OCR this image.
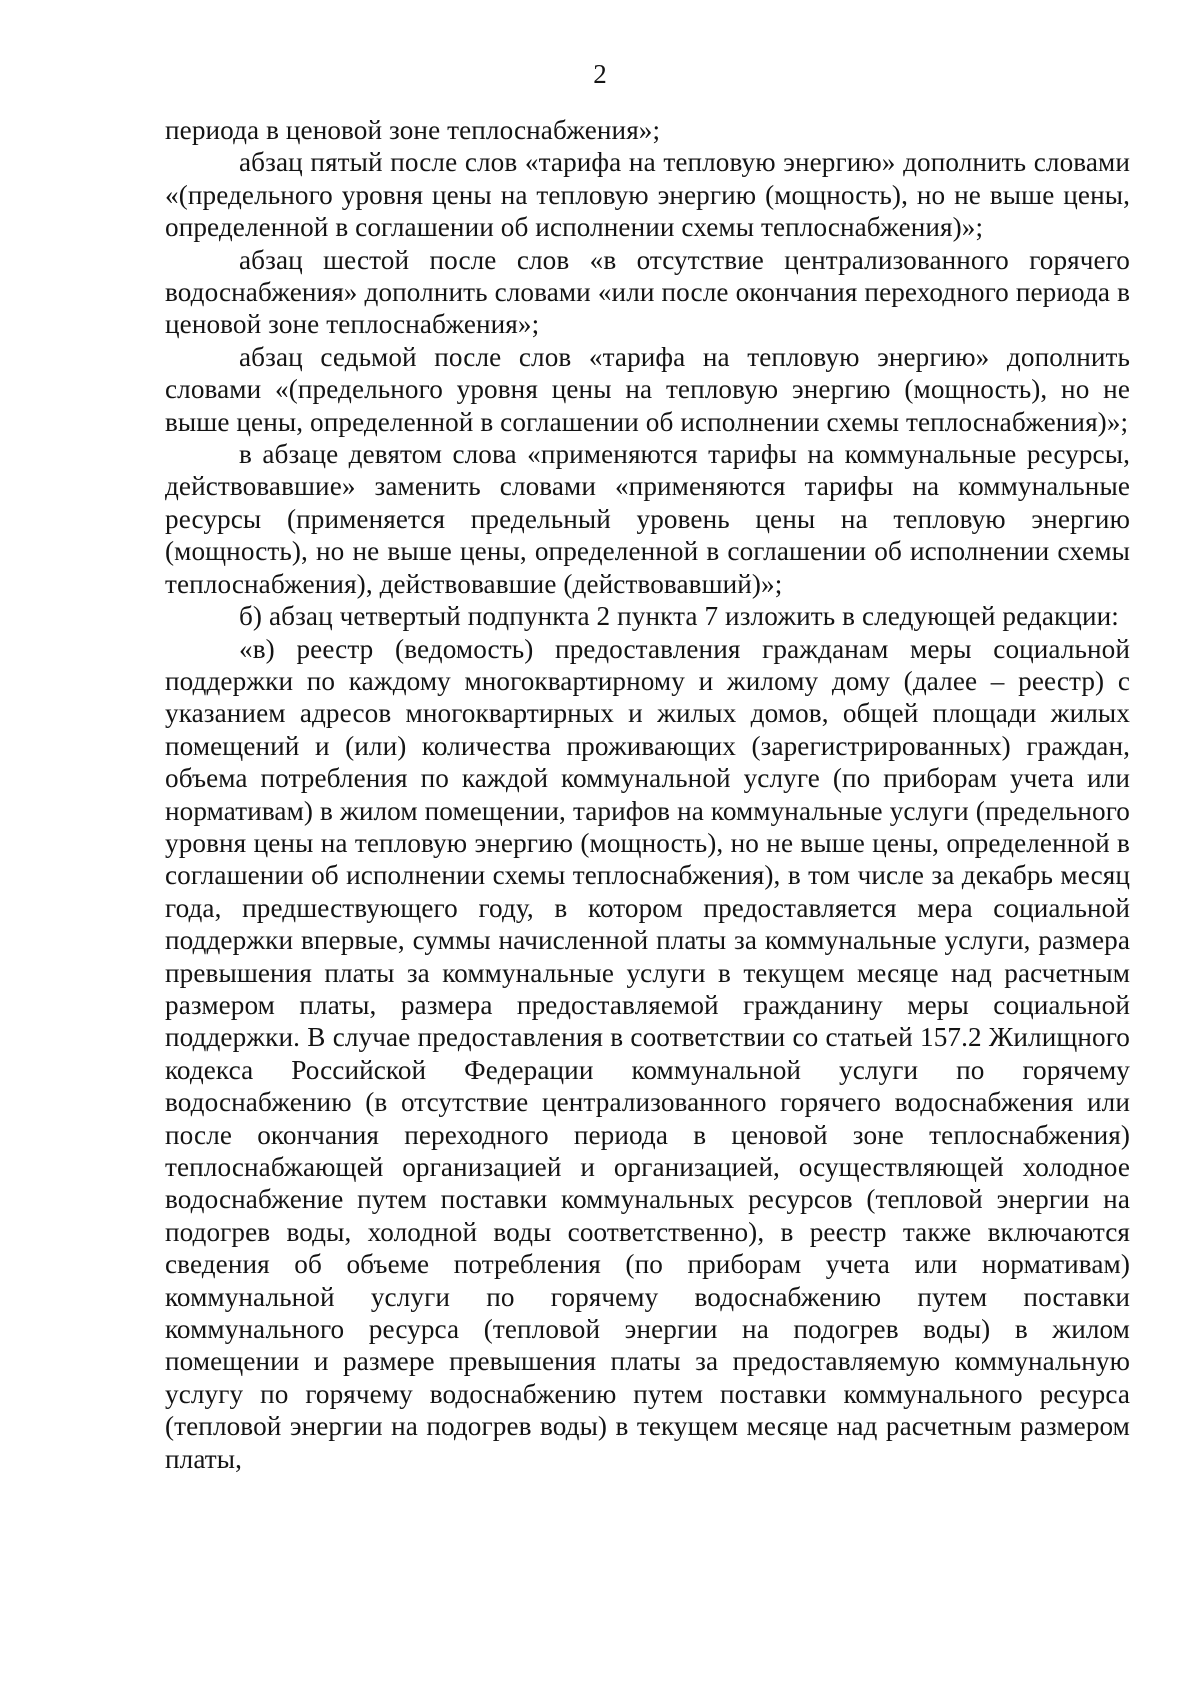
2

периода в ценовой зоне теплоснабжения»;

абзац пятый после слов «тарифа на тепловую энергию» дополнить словами «(предельного уровня цены на тепловую энергию (мощность), но не выше цены, определенной в соглашении об исполнении схемы теплоснабжения)»;

абзац шестой после слов «в отсутствие централизованного горячего водоснабжения» дополнить словами «или после окончания переходного периода в ценовой зоне теплоснабжения»;

абзац седьмой после слов «тарифа на тепловую энергию» дополнить словами «(предельного уровня цены на тепловую энергию (мощность), но не выше цены, определенной в соглашении об исполнении схемы теплоснабжения)»;

в абзаце девятом слова «применяются тарифы на коммунальные ресурсы, действовавшие» заменить словами «применяются тарифы на коммунальные ресурсы (применяется предельный уровень цены на тепловую энергию (мощность), но не выше цены, определенной в соглашении об исполнении схемы теплоснабжения), действовавшие (действовавший)»;

б) абзац четвертый подпункта 2 пункта 7 изложить в следующей редакции:

«в) реестр (ведомость) предоставления гражданам меры социальной поддержки по каждому многоквартирному и жилому дому (далее – реестр) с указанием адресов многоквартирных и жилых домов, общей площади жилых помещений и (или) количества проживающих (зарегистрированных) граждан, объема потребления по каждой коммунальной услуге (по приборам учета или нормативам) в жилом помещении, тарифов на коммунальные услуги (предельного уровня цены на тепловую энергию (мощность), но не выше цены, определенной в соглашении об исполнении схемы теплоснабжения), в том числе за декабрь месяц года, предшествующего году, в котором предоставляется мера социальной поддержки впервые, суммы начисленной платы за коммунальные услуги, размера превышения платы за коммунальные услуги в текущем месяце над расчетным размером платы, размера предоставляемой гражданину меры социальной поддержки. В случае предоставления в соответствии со статьей 157.2 Жилищного кодекса Российской Федерации коммунальной услуги по горячему водоснабжению (в отсутствие централизованного горячего водоснабжения или после окончания переходного периода в ценовой зоне теплоснабжения) теплоснабжающей организацией и организацией, осуществляющей холодное водоснабжение путем поставки коммунальных ресурсов (тепловой энергии на подогрев воды, холодной воды соответственно), в реестр также включаются сведения об объеме потребления (по приборам учета или нормативам) коммунальной услуги по горячему водоснабжению путем поставки коммунального ресурса (тепловой энергии на подогрев воды) в жилом помещении и размере превышения платы за предоставляемую коммунальную услугу по горячему водоснабжению путем поставки коммунального ресурса (тепловой энергии на подогрев воды) в текущем месяце над расчетным размером платы,
